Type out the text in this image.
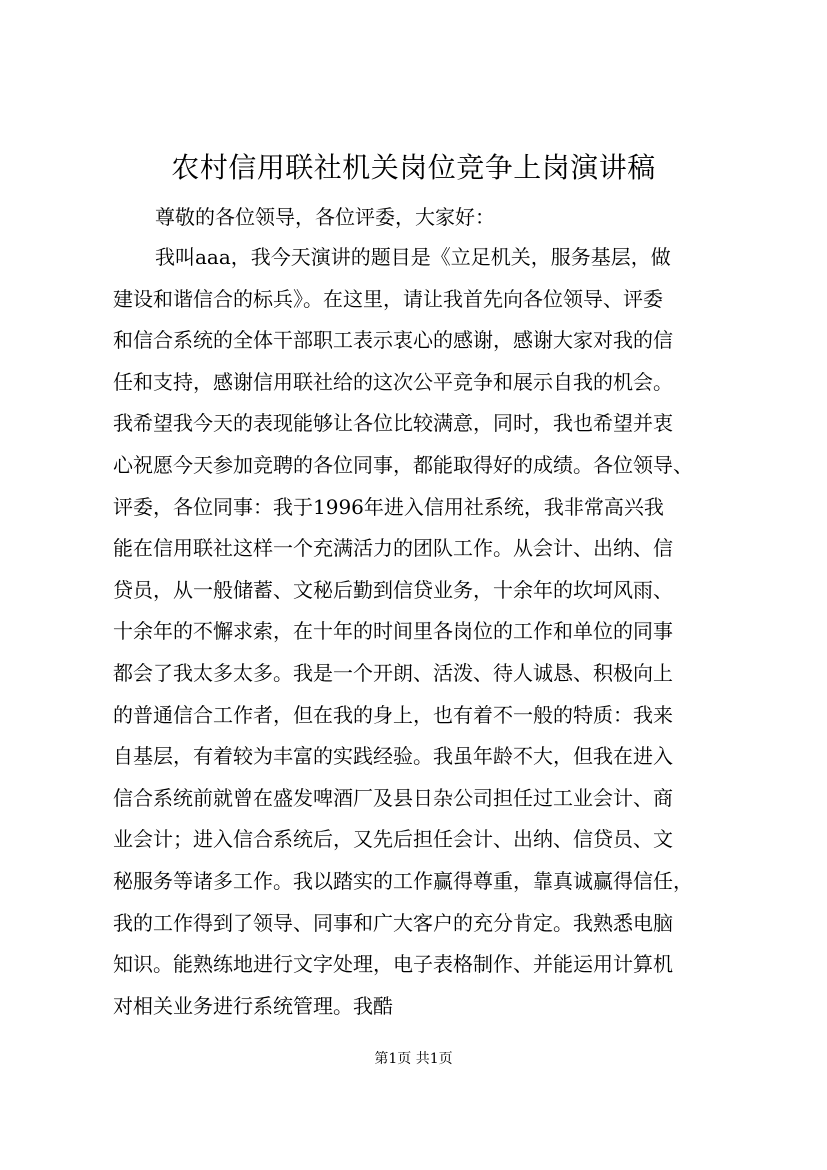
农村信用联社机关岗位竞争上岗演讲稿

尊敬的各位领导，各位评委，大家好：

我叫aaa，我今天演讲的题目是《立足机关，服务基层，做
建设和谐信合的标兵》。在这里，请让我首先向各位领导、评委
和信合系统的全体干部职工表示衷心的感谢，感谢大家对我的信
任和支持，感谢信用联社给的这次公平竞争和展示自我的机会。
我希望我今天的表现能够让各位比较满意，同时，我也希望并衷
心祝愿今天参加竞聘的各位同事，都能取得好的成绩。各位领导、
评委，各位同事：我于1996年进入信用社系统，我非常高兴我
能在信用联社这样一个充满活力的团队工作。从会计、出纳、信
贷员，从一般储蓄、文秘后勤到信贷业务，十余年的坎坷风雨、
十余年的不懈求索，在十年的时间里各岗位的工作和单位的同事
都会了我太多太多。我是一个开朗、活泼、待人诚恳、积极向上
的普通信合工作者，但在我的身上，也有着不一般的特质：我来
自基层，有着较为丰富的实践经验。我虽年龄不大，但我在进入
信合系统前就曾在盛发啤酒厂及县日杂公司担任过工业会计、商
业会计；进入信合系统后，又先后担任会计、出纳、信贷员、文
秘服务等诸多工作。我以踏实的工作赢得尊重，靠真诚赢得信任，
我的工作得到了领导、同事和广大客户的充分肯定。我熟悉电脑
知识。能熟练地进行文字处理，电子表格制作、并能运用计算机
对相关业务进行系统管理。我酷

第1页 共1页
